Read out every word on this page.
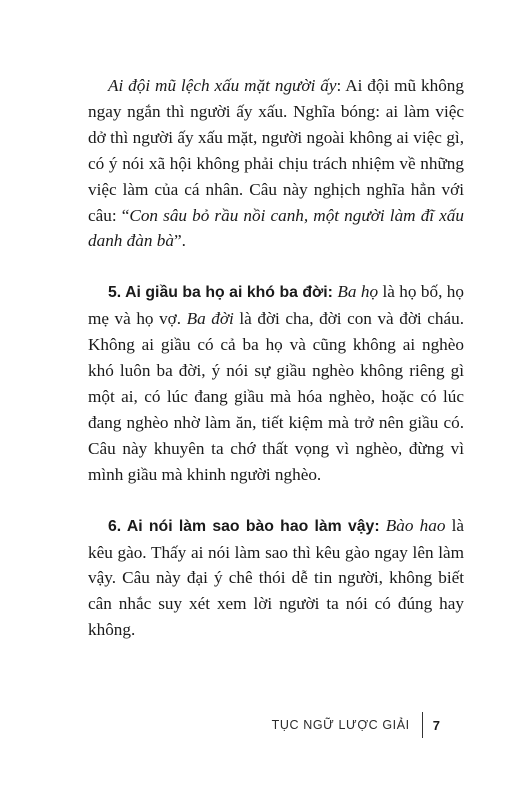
Ai đội mũ lệch xấu mặt người ấy: Ai đội mũ không ngay ngắn thì người ấy xấu. Nghĩa bóng: ai làm việc dở thì người ấy xấu mặt, người ngoài không ai việc gì, có ý nói xã hội không phải chịu trách nhiệm về những việc làm của cá nhân. Câu này nghịch nghĩa hẳn với câu: “Con sâu bỏ rầu nồi canh, một người làm đĩ xấu danh đàn bà”.

5. Ai giầu ba họ ai khó ba đời: Ba họ là họ bố, họ mẹ và họ vợ. Ba đời là đời cha, đời con và đời cháu. Không ai giầu có cả ba họ và cũng không ai nghèo khó luôn ba đời, ý nói sự giầu nghèo không riêng gì một ai, có lúc đang giầu mà hóa nghèo, hoặc có lúc đang nghèo nhờ làm ăn, tiết kiệm mà trở nên giầu có. Câu này khuyên ta chớ thất vọng vì nghèo, đừng vì mình giầu mà khinh người nghèo.

6. Ai nói làm sao bào hao làm vậy: Bào hao là kêu gào. Thấy ai nói làm sao thì kêu gào ngay lên làm vậy. Câu này đại ý chê thói dễ tin người, không biết cân nhắc suy xét xem lời người ta nói có đúng hay không.

TỤC NGỮ LƯỢC GIẢI 7
